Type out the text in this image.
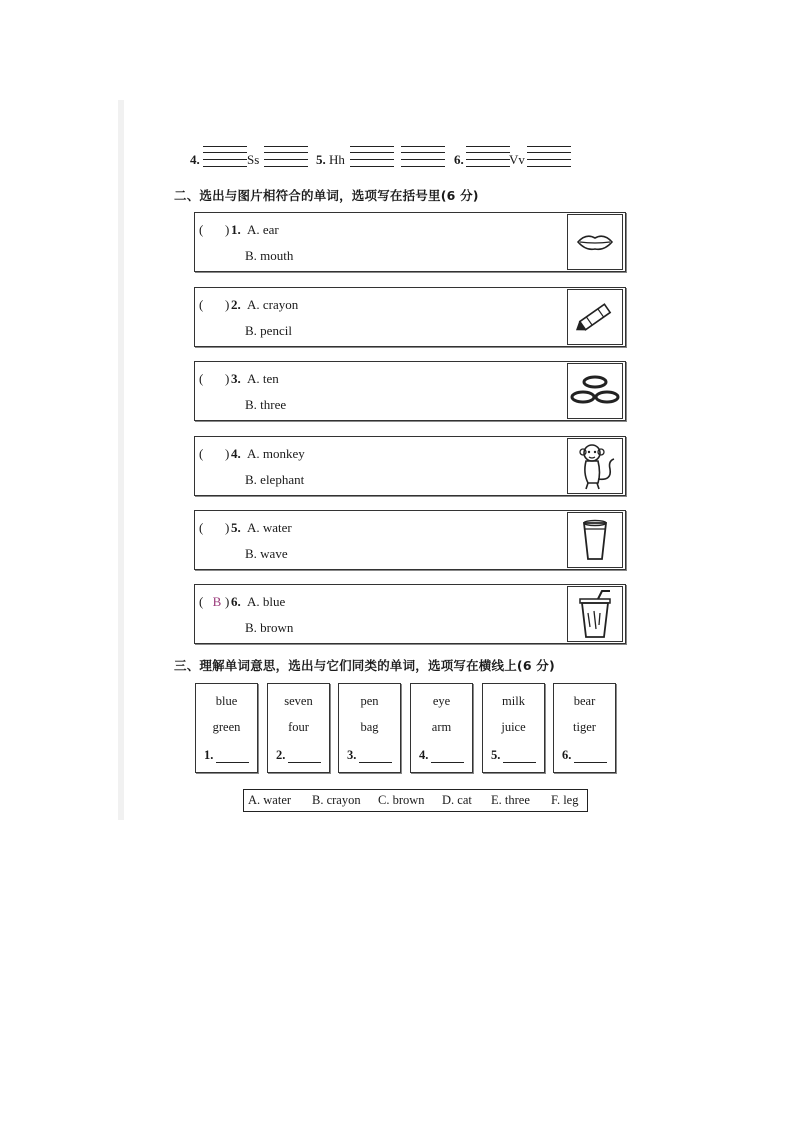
4.	Ss	5. Hh	6.	Vv
二、选出与图片相符合的单词，选项写在括号里(6 分)
( ) 1. A. ear
B. mouth
( ) 2. A. crayon
B. pencil
( ) 3. A. ten
B. three
( ) 4. A. monkey
B. elephant
( ) 5. A. water
B. wave
( B ) 6. A. blue
B. brown
三、理解单词意思，选出与它们同类的单词，选项写在横线上(6 分)
blue
green
1.
seven
four
2.
pen
bag
3.
eye
arm
4.
milk
juice
5.
bear
tiger
6.
A. water B. crayon C. brown D. cat E. three F. leg
